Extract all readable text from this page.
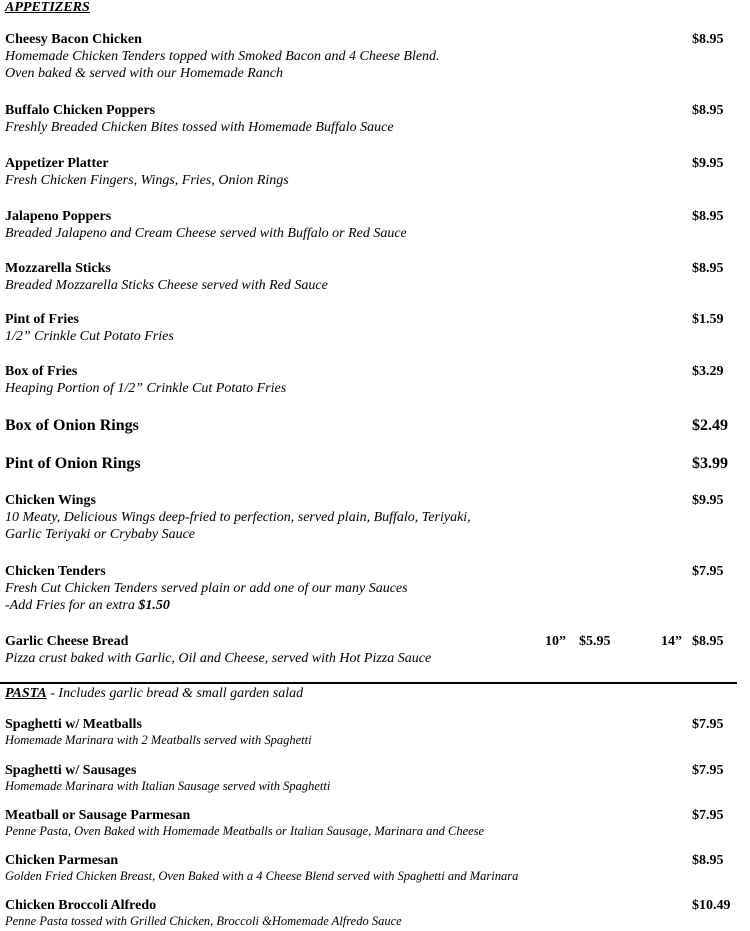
APPETIZERS
Cheesy Bacon Chicken	$8.95
Homemade Chicken Tenders topped with Smoked Bacon and 4 Cheese Blend.
Oven baked & served with our Homemade Ranch
Buffalo Chicken Poppers	$8.95
Freshly Breaded Chicken Bites tossed with Homemade Buffalo Sauce
Appetizer Platter	$9.95
Fresh Chicken Fingers, Wings, Fries, Onion Rings
Jalapeno Poppers	$8.95
Breaded Jalapeno and Cream Cheese served with Buffalo or Red Sauce
Mozzarella Sticks	$8.95
Breaded Mozzarella Sticks Cheese served with Red Sauce
Pint of Fries	$1.59
1/2” Crinkle Cut Potato Fries
Box of Fries	$3.29
Heaping Portion of 1/2” Crinkle Cut Potato Fries
Box of Onion Rings	$2.49
Pint of Onion Rings	$3.99
Chicken Wings	$9.95
10 Meaty, Delicious Wings deep-fried to perfection, served plain, Buffalo, Teriyaki,
Garlic Teriyaki or Crybaby Sauce
Chicken Tenders	$7.95
Fresh Cut Chicken Tenders served plain or add one of our many Sauces
-Add Fries for an extra $1.50
Garlic Cheese Bread	10” $5.95	14” $8.95
Pizza crust baked with Garlic, Oil and Cheese, served with Hot Pizza Sauce
PASTA - Includes garlic bread & small garden salad
Spaghetti w/ Meatballs	$7.95
Homemade Marinara with 2 Meatballs served with Spaghetti
Spaghetti w/ Sausages	$7.95
Homemade Marinara with Italian Sausage served with Spaghetti
Meatball or Sausage Parmesan	$7.95
Penne Pasta, Oven Baked with Homemade Meatballs or Italian Sausage, Marinara and Cheese
Chicken Parmesan	$8.95
Golden Fried Chicken Breast, Oven Baked with a 4 Cheese Blend served with Spaghetti and Marinara
Chicken Broccoli Alfredo	$10.49
Penne Pasta tossed with Grilled Chicken, Broccoli &Homemade Alfredo Sauce
